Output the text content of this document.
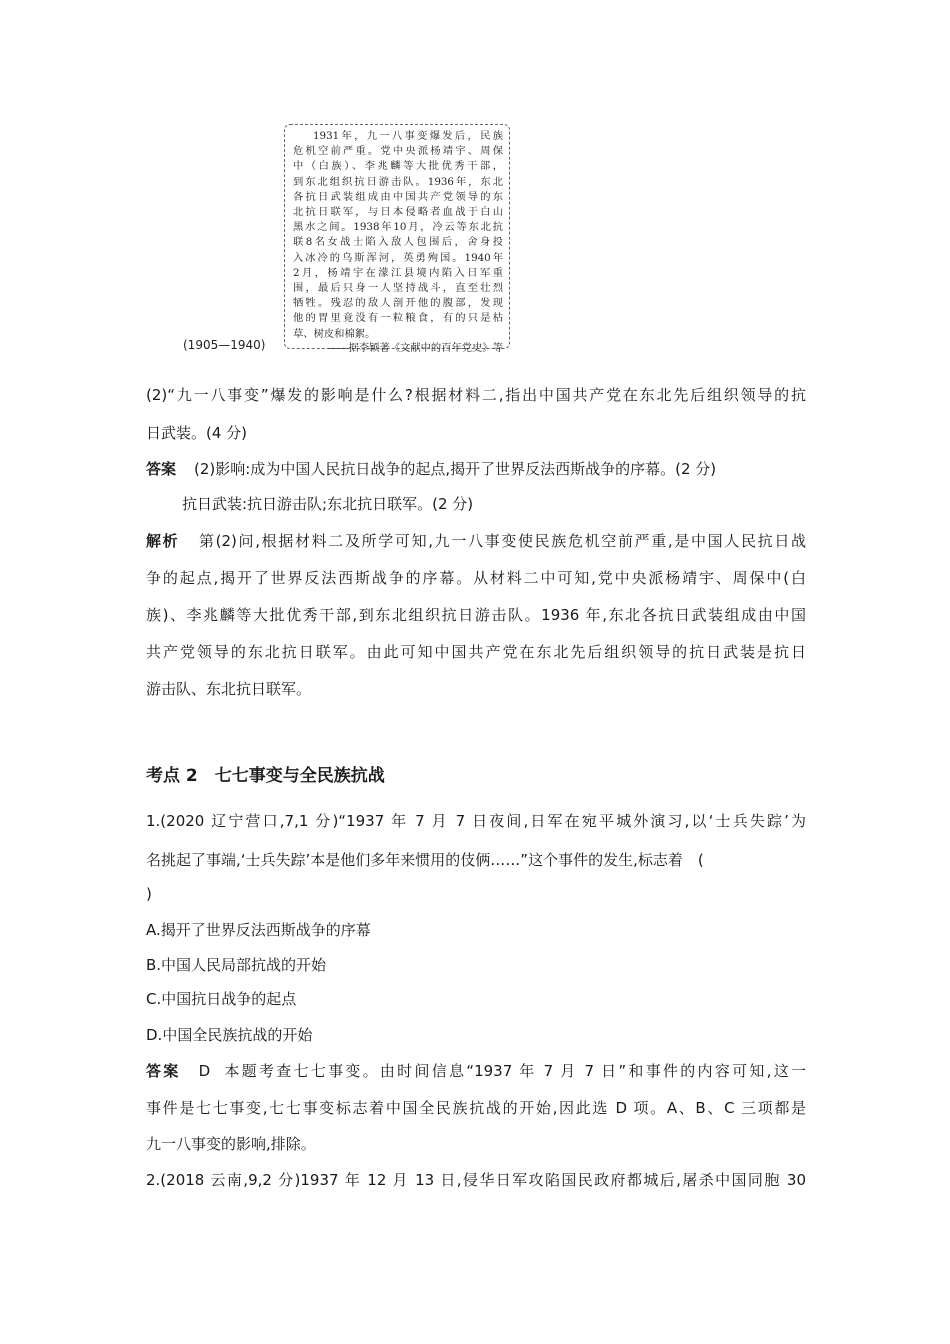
1931年，九一八事变爆发后，民族
危机空前严重。党中央派杨靖宇、周保
中（白族）、李兆麟等大批优秀干部，
到东北组织抗日游击队。1936年，东北
各抗日武装组成由中国共产党领导的东
北抗日联军，与日本侵略者血战于白山
黑水之间。1938年10月，冷云等东北抗
联8名女战士陷入敌人包围后，舍身投
入冰冷的乌斯浑河，英勇殉国。1940年
2月，杨靖宇在濛江县境内陷入日军重
围，最后只身一人坚持战斗，直至壮烈
牺牲。残忍的敌人剖开他的腹部，发现
他的胃里竟没有一粒粮食，有的只是枯
草、树皮和棉絮。
——据李颖著《文献中的百年党史》等
(1905—1940)
(2)“九一八事变”爆发的影响是什么?根据材料二,指出中国共产党在东北先后组织领导的抗
日武装。(4 分)
答案 (2)影响:成为中国人民抗日战争的起点,揭开了世界反法西斯战争的序幕。(2 分)
抗日武装:抗日游击队;东北抗日联军。(2 分)
解析 第(2)问,根据材料二及所学可知,九一八事变使民族危机空前严重,是中国人民抗日战
争的起点,揭开了世界反法西斯战争的序幕。从材料二中可知,党中央派杨靖宇、周保中(白
族)、李兆麟等大批优秀干部,到东北组织抗日游击队。1936 年,东北各抗日武装组成由中国
共产党领导的东北抗日联军。由此可知中国共产党在东北先后组织领导的抗日武装是抗日
游击队、东北抗日联军。
考点 2　七七事变与全民族抗战
1.(2020 辽宁营口,7,1 分)“1937 年 7 月 7 日夜间,日军在宛平城外演习,以‘士兵失踪’为
名挑起了事端,‘士兵失踪’本是他们多年来惯用的伎俩……”这个事件的发生,标志着　(
)
A.揭开了世界反法西斯战争的序幕
B.中国人民局部抗战的开始
C.中国抗日战争的起点
D.中国全民族抗战的开始
答案 D 本题考查七七事变。由时间信息“1937 年 7 月 7 日”和事件的内容可知,这一
事件是七七事变,七七事变标志着中国全民族抗战的开始,因此选 D 项。A、B、C 三项都是
九一八事变的影响,排除。
2.(2018 云南,9,2 分)1937 年 12 月 13 日,侵华日军攻陷国民政府都城后,屠杀中国同胞 30
